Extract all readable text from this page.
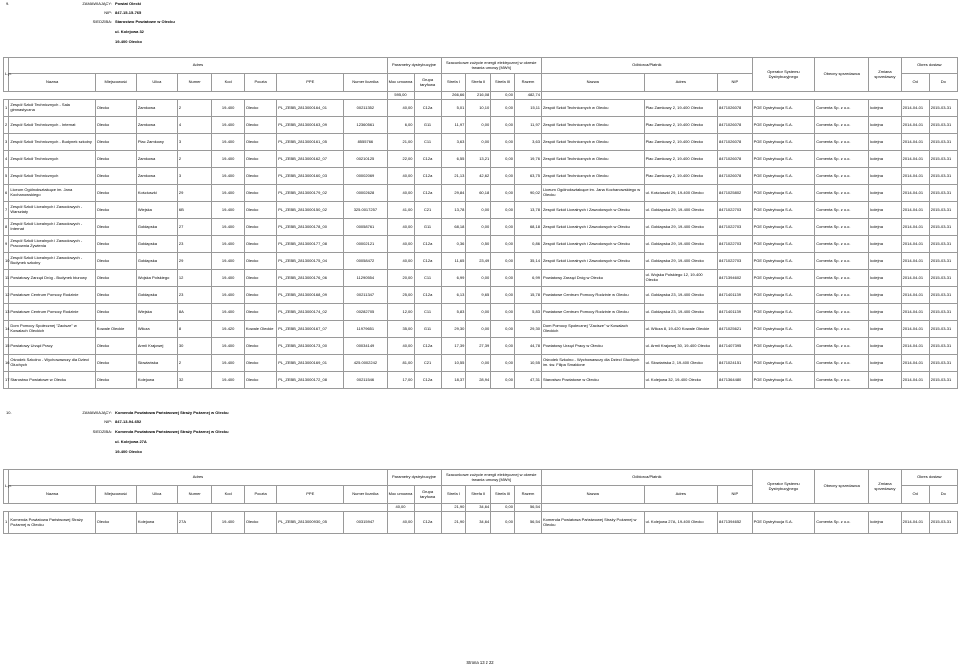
9.	ZAMAWIAJĄCY: Powiat Olecki
NIP: 847-15-15-765
SIEDZIBA: Starostwo Powiatowe w Olecku
ul. Kolejowa 32
19-400 Olecko
L.p.	Adres								Parametry dystrybucyjne		Szacunkowe zużycie energii elektrycznej w okresie trwania umowy [MWh]				Odbiorca/Płatnik			Operator Systemu Dystrybucyjnego	Obecny sprzedawca	Zmiana sprzedawcy	Okres dostaw	
	Nazwa	Miejscowość	Ulica	Numer	Kod	Poczta	PPE	Numer licznika	Moc umowna	Grupa taryfowa	Strefa I	Strefa II	Strefa III	Razem	Nazwa	Adres	NIP				Od	Do
									595,00		266,66	216,08	0,00	482,74								
1	Zespół Szkół Technicznych - Sala gimnastyczna	Olecko	Zamkowa	2	19-400	Olecko	PL_ZEBB_2813000164_01	00211352	40,00	C12a	5,01	10,10	0,00	15,11	Zespół Szkół Technicznych w Olecku	Plac Zamkowy 2, 19-400 Olecko	8471026078	PGE Dystrybucja S.A.	Comenta Sp. z o.o.	kolejna	2014-04-01	2015-03-31
2	Zespół Szkół Technicznych - Internat	Olecko	Zamkowa	4	19-400	Olecko	PL_ZEBB_2813000163_09	12360561	6,00	G11	11,97	0,00	0,00	11,97	Zespół Szkół Technicznych w Olecku	Plac Zamkowy 2, 19-400 Olecko	8471026078	PGE Dystrybucja S.A.	Comenta Sp. z o.o.	kolejna	2014-04-01	2015-03-31
3	Zespół Szkół Technicznych - Budynek szkolny	Olecko	Plac Zamkowy	3	19-400	Olecko	PL_ZEBB_2813000161_05	8555766	21,00	C11	3,63	0,00	0,00	3,63	Zespół Szkół Technicznych w Olecku	Plac Zamkowy 2, 19-400 Olecko	8471026078	PGE Dystrybucja S.A.	Comenta Sp. z o.o.	kolejna	2014-04-01	2015-03-31
4	Zespół Szkół Technicznych	Olecko	Zamkowa	2	19-400	Olecko	PL_ZEBB_2813000162_07	00210125	22,00	C12a	6,55	13,21	0,00	19,76	Zespół Szkół Technicznych w Olecku	Plac Zamkowy 2, 19-400 Olecko	8471026078	PGE Dystrybucja S.A.	Comenta Sp. z o.o.	kolejna	2014-04-01	2015-03-31
5	Zespół Szkół Technicznych	Olecko	Zamkowa	3	19-400	Olecko	PL_ZEBB_2813000160_03	00002069	40,00	C12a	21,13	42,62	0,00	63,75	Zespół Szkół Technicznych w Olecku	Plac Zamkowy 2, 19-400 Olecko	8471026078	PGE Dystrybucja S.A.	Comenta Sp. z o.o.	kolejna	2014-04-01	2015-03-31
6	Liceum Ogólnokształcące im. Jana Kochanowskiego	Olecko	Kościuszki	29	19-400	Olecko	PL_ZEBB_2813000179_02	00002628	40,00	C12a	29,84	60,18	0,00	90,02	Liceum Ogólnokształcące im. Jana Kochanowskiego w Olecku	ul. Kościuszki 29, 19-400 Olecko	8471025802	PGE Dystrybucja S.A.	Comenta Sp. z o.o.	kolejna	2014-04-01	2015-03-31
7	Zespół Szkół Licealnych i Zawodowych - Warsztaty	Olecko	Wiejska	6B	19-400	Olecko	PL_ZEBB_2813000150_02	325.0017257	41,00	C21	13,78	0,00	0,00	13,78	Zespół Szkół Licealnych i Zawodowych w Olecku	ul. Gołdapska 29, 19-400 Olecko	8471022703	PGE Dystrybucja S.A.	Comenta Sp. z o.o.	kolejna	2014-04-01	2015-03-31
8	Zespół Szkół Licealnych i Zawodowych - Internat	Olecko	Gołdapska	27	19-400	Olecko	PL_ZEBB_2813000178_00	00058761	40,00	G11	68,18	0,00	0,00	68,18	Zespół Szkół Licealnych i Zawodowych w Olecku	ul. Gołdapska 29, 19-400 Olecko	8471022703	PGE Dystrybucja S.A.	Comenta Sp. z o.o.	kolejna	2014-04-01	2015-03-31
9	Zespół Szkół Licealnych i Zawodowych - Pracownia Żywienia	Olecko	Gołdapska	23	19-400	Olecko	PL_ZEBB_2813000177_08	00002121	40,00	C12a	0,36	0,50	0,00	0,86	Zespół Szkół Licealnych i Zawodowych w Olecku	ul. Gołdapska 29, 19-400 Olecko	8471022703	PGE Dystrybucja S.A.	Comenta Sp. z o.o.	kolejna	2014-04-01	2015-03-31
10	Zespół Szkół Licealnych i Zawodowych - Budynek szkolny	Olecko	Gołdapska	29	19-400	Olecko	PL_ZEBB_2813000175_04	00058472	40,00	C12a	11,65	23,49	0,00	35,14	Zespół Szkół Licealnych i Zawodowych w Olecku	ul. Gołdapska 29, 19-400 Olecko	8471022703	PGE Dystrybucja S.A.	Comenta Sp. z o.o.	kolejna	2014-04-01	2015-03-31
11	Powiatowy Zarząd Dróg - Budynek biurowy	Olecko	Wojska Polskiego	12	19-400	Olecko	PL_ZEBB_2813000176_06	11290554	20,00	C11	6,99	0,00	0,00	6,99	Powiatowy Zarząd Dróg w Olecku	ul. Wojska Polskiego 12, 19-400 Olecko	8471394602	PGE Dystrybucja S.A.	Comenta Sp. z o.o.	kolejna	2014-04-01	2015-03-31
12	Powiatowe Centrum Pomocy Rodzinie	Olecko	Gołdapska	23	19-400	Olecko	PL_ZEBB_2813000168_09	00211347	25,00	C12a	6,13	9,65	0,00	15,78	Powiatowe Centrum Pomocy Rodzinie w Olecku	ul. Gołdapska 23, 19-400 Olecko	8471401139	PGE Dystrybucja S.A.	Comenta Sp. z o.o.	kolejna	2014-04-01	2015-03-31
13	Powiatowe Centrum Pomocy Rodzinie	Olecko	Wiejska	8A	19-400	Olecko	PL_ZEBB_2813000174_02	00282705	12,00	C11	5,83	0,00	0,00	5,83	Powiatowe Centrum Pomocy Rodzinie w Olecku	ul. Gołdapska 23, 19-400 Olecko	8471401139	PGE Dystrybucja S.A.	Comenta Sp. z o.o.	kolejna	2014-04-01	2015-03-31
14	Dom Pomocy Społecznej "Zacisze" w Kowalach Oleckich	Kowale Oleckie	Wilcza	8	19-420	Kowale Oleckie	PL_ZEBB_2813000167_07	11979651	35,00	G11	29,30	0,00	0,00	29,30	Dom Pomocy Społecznej "Zacisze" w Kowalach Oleckich	ul. Wilcza 8, 19-420 Kowale Oleckie	8471025621	PGE Dystrybucja S.A.	Comenta Sp. z o.o.	kolejna	2014-04-01	2015-03-31
15	Powiatowy Urząd Pracy	Olecko	Armii Krajowej	30	19-400	Olecko	PL_ZEBB_2813000173_00	00034149	40,00	C12a	17,39	27,39	0,00	44,78	Powiatowy Urząd Pracy w Olecku	ul. Armii Krajowej 30, 19-400 Olecko	8471407395	PGE Dystrybucja S.A.	Comenta Sp. z o.o.	kolejna	2014-04-01	2015-03-31
16	Ośrodek Szkolno - Wychowawczy dla Dzieci Głuchych	Olecko	Słowiańska	2	19-400	Olecko	PL_ZEBB_2813000169_01	425.0002242	81,00	C21	10,55	0,00	0,00	10,55	Ośrodek Szkolno - Wychowawczy dla Dzieci Głuchych im. św. Filipa Smaldone	ul. Słowiańska 2, 19-400 Olecko	8471024151	PGE Dystrybucja S.A.	Comenta Sp. z o.o.	kolejna	2014-04-01	2015-03-31
17	Starostwo Powiatowe w Olecku	Olecko	Kolejowa	32	19-400	Olecko	PL_ZEBB_2813000172_08	00211546	17,00	C12a	18,37	28,94	0,00	47,31	Starostwo Powiatowe w Olecku	ul. Kolejowa 32, 19-400 Olecko	8471364480	PGE Dystrybucja S.A.	Comenta Sp. z o.o.	kolejna	2014-04-01	2015-03-31
10.	ZAMAWIAJĄCY: Komenda Powiatowa Państwowej Straży Pożarnej w Olecku
NIP: 847-13-94-652
SIEDZIBA: Komenda Powiatowa Państwowej Straży Pożarnej w Olecku
ul. Kolejowa 27A
19-400 Olecko
L.p.	Adres								Parametry dystrybucyjne		Szacunkowe zużycie energii elektrycznej w okresie trwania umowy [MWh]				Odbiorca/Płatnik			Operator Systemu Dystrybucyjnego	Obecny sprzedawca	Zmiana sprzedawcy	Okres dostaw	
	Nazwa	Miejscowość	Ulica	Numer	Kod	Poczta	PPE	Numer licznika	Moc umowna	Grupa taryfowa	Strefa I	Strefa II	Strefa III	Razem	Nazwa	Adres	NIP				Od	Do
									40,00		21,90	34,64	0,00	56,54								
1	Komenda Powiatowa Państwowej Straży Pożarnej w Olecku	Olecko	Kolejowa	27A	19-400	Olecko	PL_ZEBB_2813000930_05	00315947	40,00	C12a	21,90	34,64	0,00	56,54	Komenda Powiatowa Państwowej Straży Pożarnej w Olecku	ul. Kolejowa 27A, 19-400 Olecko	8471394652	PGE Dystrybucja S.A.	Comenta Sp. z o.o.	kolejna	2014-04-01	2015-03-31
Strona 13 z 22
